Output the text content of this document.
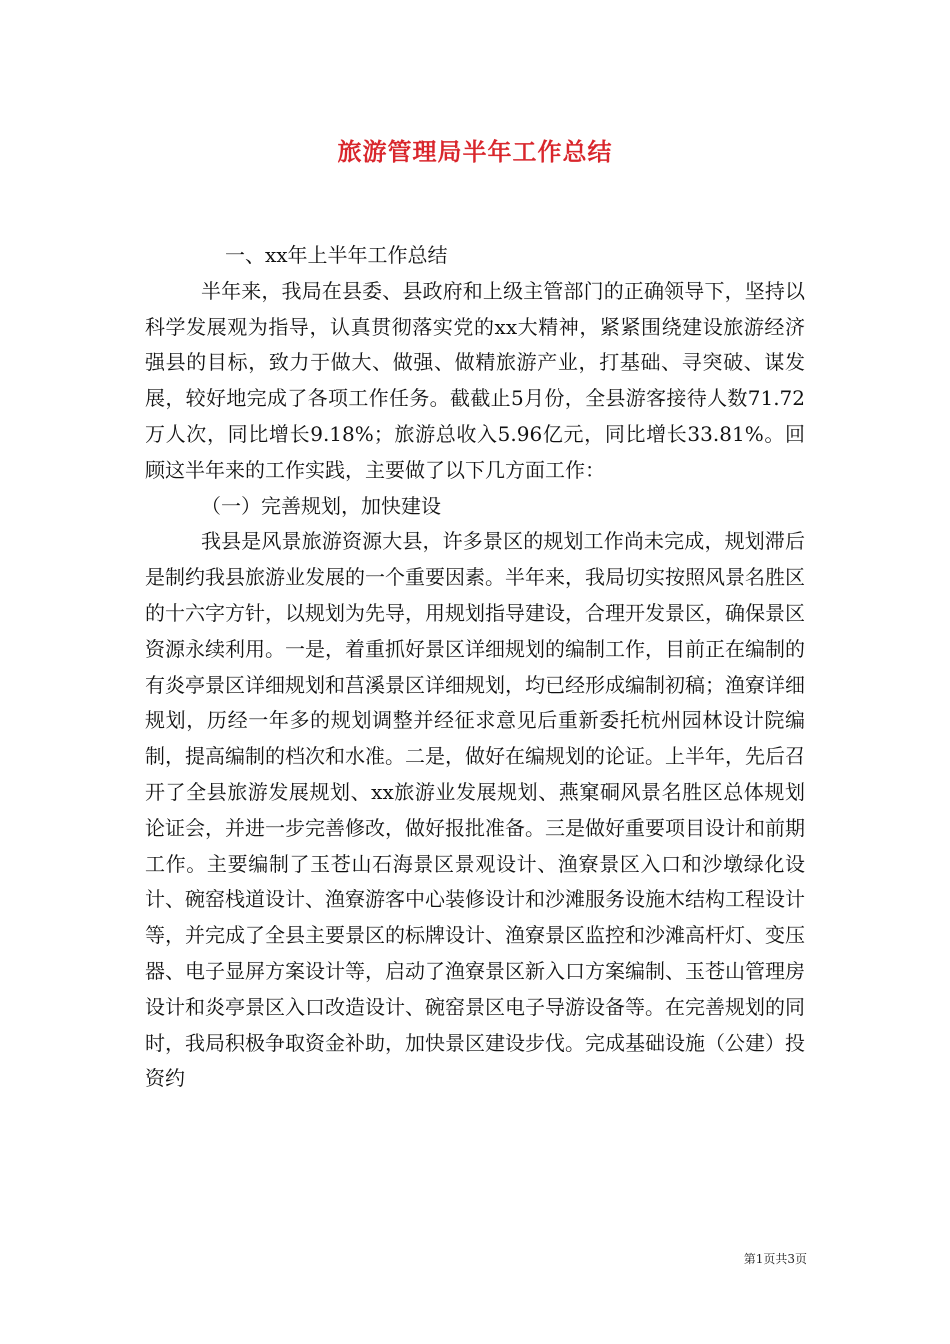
旅游管理局半年工作总结

一、xx年上半年工作总结

半年来，我局在县委、县政府和上级主管部门的正确领导下，坚持以科学发展观为指导，认真贯彻落实党的xx大精神，紧紧围绕建设旅游经济强县的目标，致力于做大、做强、做精旅游产业，打基础、寻突破、谋发展，较好地完成了各项工作任务。截截止5月份，全县游客接待人数71.72万人次，同比增长9.18%；旅游总收入5.96亿元，同比增长33.81%。回顾这半年来的工作实践，主要做了以下几方面工作：

（一）完善规划，加快建设

我县是风景旅游资源大县，许多景区的规划工作尚未完成，规划滞后是制约我县旅游业发展的一个重要因素。半年来，我局切实按照风景名胜区的十六字方针，以规划为先导，用规划指导建设，合理开发景区，确保景区资源永续利用。一是，着重抓好景区详细规划的编制工作，目前正在编制的有炎亭景区详细规划和莒溪景区详细规划，均已经形成编制初稿；渔寮详细规划，历经一年多的规划调整并经征求意见后重新委托杭州园林设计院编制，提高编制的档次和水准。二是，做好在编规划的论证。上半年，先后召开了全县旅游发展规划、xx旅游业发展规划、燕窠硐风景名胜区总体规划论证会，并进一步完善修改，做好报批准备。三是做好重要项目设计和前期工作。主要编制了玉苍山石海景区景观设计、渔寮景区入口和沙墩绿化设计、碗窑栈道设计、渔寮游客中心装修设计和沙滩服务设施木结构工程设计等，并完成了全县主要景区的标牌设计、渔寮景区监控和沙滩高杆灯、变压器、电子显屏方案设计等，启动了渔寮景区新入口方案编制、玉苍山管理房设计和炎亭景区入口改造设计、碗窑景区电子导游设备等。在完善规划的同时，我局积极争取资金补助，加快景区建设步伐。完成基础设施（公建）投资约

第1页共3页
